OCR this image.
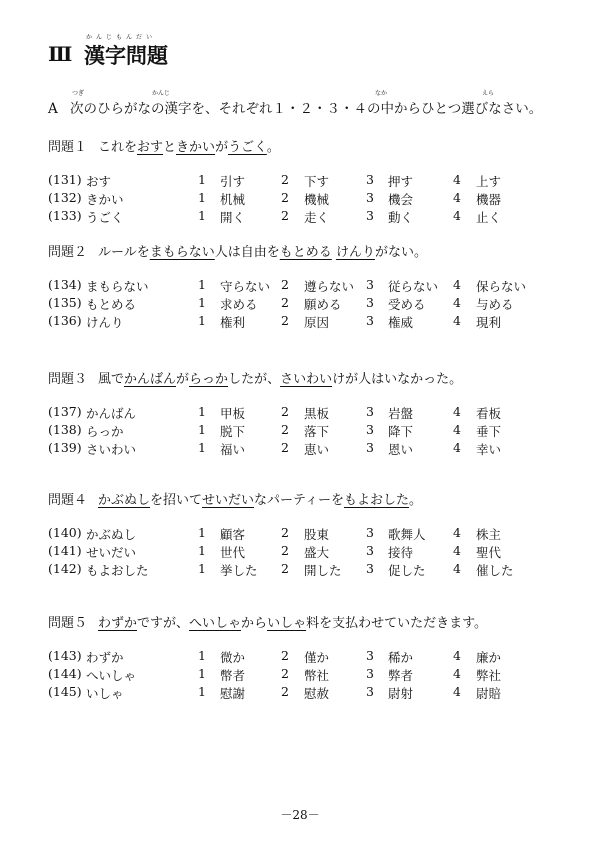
Ⅲ
かんじもんだい
漢字問題
つぎ	かんじ	なか	えら
A 次のひらがなの漢字を、それぞれ１・２・３・４の中からひとつ選びなさい。
問題１ これをおすときかいがうごく。
(131) おす	1 引す	2 下す	3 押す	4 上す
(132) きかい	1 机械	2 機械	3 機会	4 機器
(133) うごく	1 開く	2 走く	3 動く	4 止く
問題２ ルールをまもらない人は自由をもとめる けんりがない。
(134) まもらない	1 守らない 2 遵らない 3 従らない 4 保らない
(135) もとめる	1 求める 2 願める 3 受める 4 与める
(136) けんり	1 権利	2 原因	3 権威	4 現利
問題３ 風でかんばんがらっかしたが、さいわいけが人はいなかった。
(137) かんばん	1 甲板	2 黒板	3 岩盤	4 看板
(138) らっか	1 脱下	2 落下	3 降下	4 垂下
(139) さいわい	1 福い	2 恵い	3 恩い	4 幸い
問題４ かぶぬしを招いてせいだいなパーティーをもよおした。
(140) かぶぬし	1 顧客	2 股東	3 歌舞人 4 株主
(141) せいだい	1 世代	2 盛大	3 接待	4 聖代
(142) もよおした	1 挙した 2 開した 3 促した 4 催した
問題５ わずかですが、へいしゃからいしゃ料を支払わせていただきます。
(143) わずか	1 微か	2 僅か	3 稀か	4 廉か
(144) へいしゃ	1 幣者	2 幣社	3 弊者	4 弊社
(145) いしゃ	1 慰謝	2 慰赦	3 尉射	4 尉賠
－28－
